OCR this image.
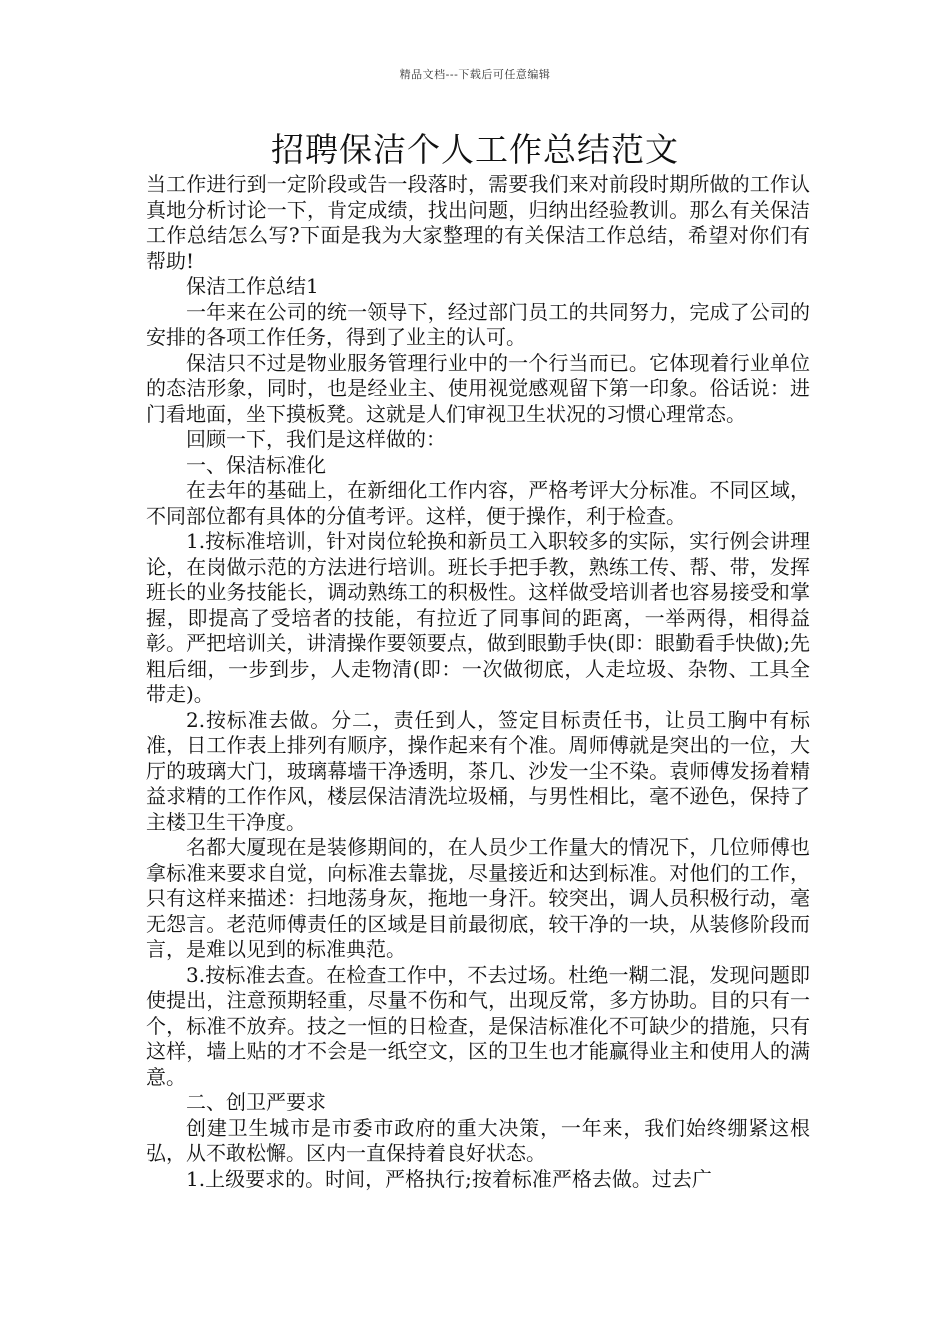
精品文档---下载后可任意编辑
招聘保洁个人工作总结范文

当工作进行到一定阶段或告一段落时，需要我们来对前段时期所做的工作认真地分析讨论一下，肯定成绩，找出问题，归纳出经验教训。那么有关保洁工作总结怎么写?下面是我为大家整理的有关保洁工作总结，希望对你们有帮助!

保洁工作总结1

一年来在公司的统一领导下，经过部门员工的共同努力，完成了公司的安排的各项工作任务，得到了业主的认可。

保洁只不过是物业服务管理行业中的一个行当而已。它体现着行业单位的态洁形象，同时，也是经业主、使用视觉感观留下第一印象。俗话说：进门看地面，坐下摸板凳。这就是人们审视卫生状况的习惯心理常态。

回顾一下，我们是这样做的：

一、保洁标准化

在去年的基础上，在新细化工作内容，严格考评大分标准。不同区域，不同部位都有具体的分值考评。这样，便于操作，利于检查。

1.按标准培训，针对岗位轮换和新员工入职较多的实际，实行例会讲理论，在岗做示范的方法进行培训。班长手把手教，熟练工传、帮、带，发挥班长的业务技能长，调动熟练工的积极性。这样做受培训者也容易接受和掌握，即提高了受培者的技能，有拉近了同事间的距离，一举两得，相得益彰。严把培训关，讲清操作要领要点，做到眼勤手快(即：眼勤看手快做);先粗后细，一步到步，人走物清(即：一次做彻底，人走垃圾、杂物、工具全带走)。

2.按标准去做。分二，责任到人，签定目标责任书，让员工胸中有标准，日工作表上排列有顺序，操作起来有个准。周师傅就是突出的一位，大厅的玻璃大门，玻璃幕墙干净透明，茶几、沙发一尘不染。袁师傅发扬着精益求精的工作作风，楼层保洁清洗垃圾桶，与男性相比，毫不逊色，保持了主楼卫生干净度。

名都大厦现在是装修期间的，在人员少工作量大的情况下，几位师傅也拿标准来要求自觉，向标准去靠拢，尽量接近和达到标准。对他们的工作，只有这样来描述：扫地荡身灰，拖地一身汗。较突出，调人员积极行动，毫无怨言。老范师傅责任的区域是目前最彻底，较干净的一块，从装修阶段而言，是难以见到的标准典范。

3.按标准去查。在检查工作中，不去过场。杜绝一糊二混，发现问题即使提出，注意预期轻重，尽量不伤和气，出现反常，多方协助。目的只有一个，标准不放弃。技之一恒的日检查，是保洁标准化不可缺少的措施，只有这样，墙上贴的才不会是一纸空文，区的卫生也才能赢得业主和使用人的满意。

二、创卫严要求

创建卫生城市是市委市政府的重大决策，一年来，我们始终绷紧这根弘，从不敢松懈。区内一直保持着良好状态。

1.上级要求的。时间，严格执行;按着标准严格去做。过去广
